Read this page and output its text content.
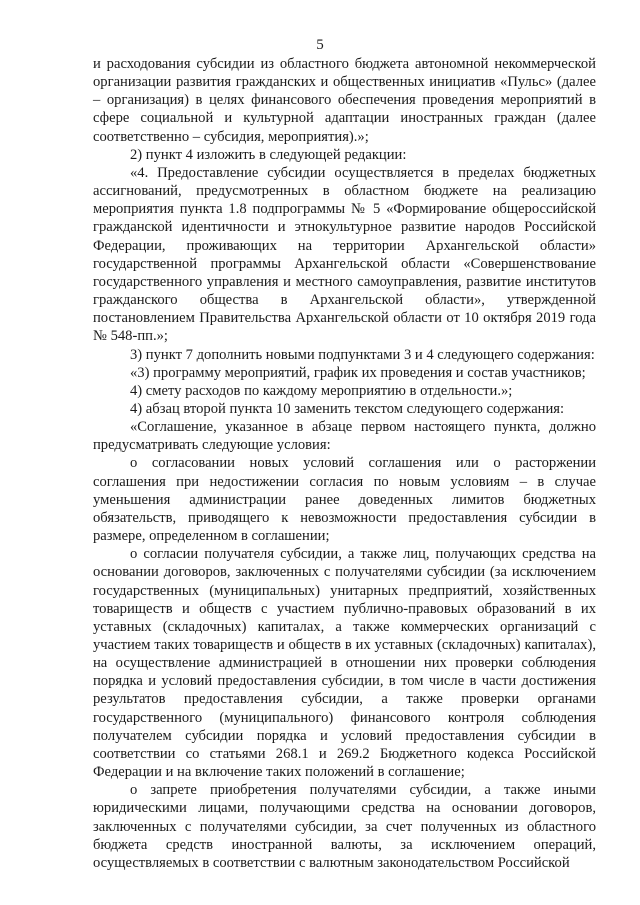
5

и расходования субсидии из областного бюджета автономной некоммерческой организации развития гражданских и общественных инициатив «Пульс» (далее – организация) в целях финансового обеспечения проведения мероприятий в сфере социальной и культурной адаптации иностранных граждан (далее соответственно – субсидия, мероприятия).»;

2) пункт 4 изложить в следующей редакции:

«4. Предоставление субсидии осуществляется в пределах бюджетных ассигнований, предусмотренных в областном бюджете на реализацию мероприятия пункта 1.8 подпрограммы № 5 «Формирование общероссийской гражданской идентичности и этнокультурное развитие народов Российской Федерации, проживающих на территории Архангельской области» государственной программы Архангельской области «Совершенствование государственного управления и местного самоуправления, развитие институтов гражданского общества в Архангельской области», утвержденной постановлением Правительства Архангельской области от 10 октября 2019 года № 548-пп.»;

3) пункт 7 дополнить новыми подпунктами 3 и 4 следующего содержания:

«3) программу мероприятий, график их проведения и состав участников;

4) смету расходов по каждому мероприятию в отдельности.»;

4) абзац второй пункта 10 заменить текстом следующего содержания:

«Соглашение, указанное в абзаце первом настоящего пункта, должно предусматривать следующие условия:

о согласовании новых условий соглашения или о расторжении соглашения при недостижении согласия по новым условиям – в случае уменьшения администрации ранее доведенных лимитов бюджетных обязательств, приводящего к невозможности предоставления субсидии в размере, определенном в соглашении;

о согласии получателя субсидии, а также лиц, получающих средства на основании договоров, заключенных с получателями субсидии (за исключением государственных (муниципальных) унитарных предприятий, хозяйственных товариществ и обществ с участием публично-правовых образований в их уставных (складочных) капиталах, а также коммерческих организаций с участием таких товариществ и обществ в их уставных (складочных) капиталах), на осуществление администрацией в отношении них проверки соблюдения порядка и условий предоставления субсидии, в том числе в части достижения результатов предоставления субсидии, а также проверки органами государственного (муниципального) финансового контроля соблюдения получателем субсидии порядка и условий предоставления субсидии в соответствии со статьями 268.1 и 269.2 Бюджетного кодекса Российской Федерации и на включение таких положений в соглашение;

о запрете приобретения получателями субсидии, а также иными юридическими лицами, получающими средства на основании договоров, заключенных с получателями субсидии, за счет полученных из областного бюджета средств иностранной валюты, за исключением операций, осуществляемых в соответствии с валютным законодательством Российской
